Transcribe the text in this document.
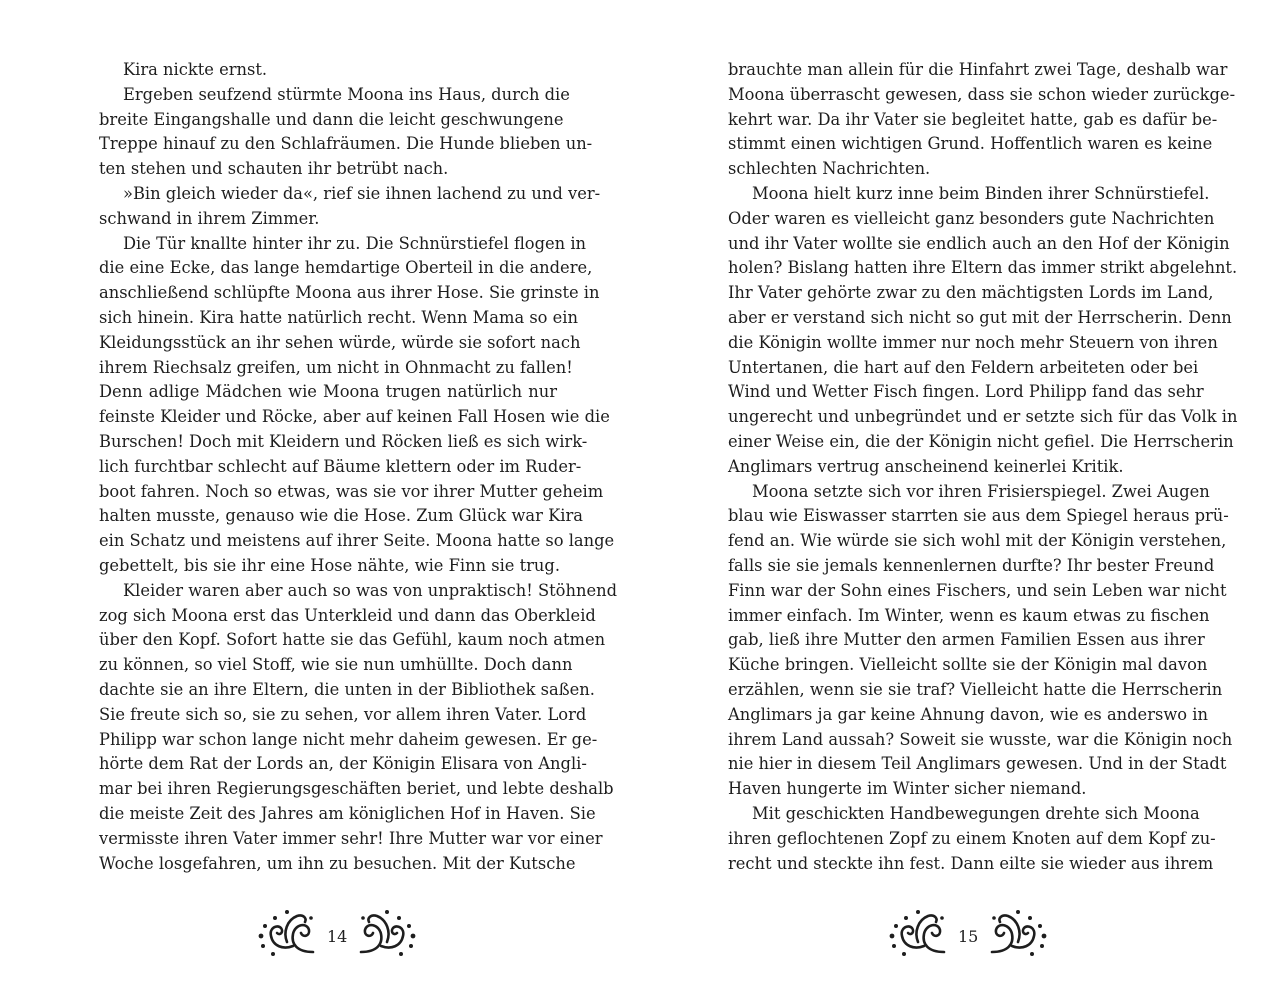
Kira nickte ernst.
Ergeben seufzend stürmte Moona ins Haus, durch die
breite Eingangshalle und dann die leicht geschwungene
Treppe hinauf zu den Schlafräumen. Die Hunde blieben un-
ten stehen und schauten ihr betrübt nach.
»Bin gleich wieder da«, rief sie ihnen lachend zu und ver-
schwand in ihrem Zimmer.
Die Tür knallte hinter ihr zu. Die Schnürstiefel flogen in
die eine Ecke, das lange hemdartige Oberteil in die andere,
anschließend schlüpfte Moona aus ihrer Hose. Sie grinste in
sich hinein. Kira hatte natürlich recht. Wenn Mama so ein
Kleidungsstück an ihr sehen würde, würde sie sofort nach
ihrem Riechsalz greifen, um nicht in Ohnmacht zu fallen!
Denn adlige Mädchen wie Moona trugen natürlich nur
feinste Kleider und Röcke, aber auf keinen Fall Hosen wie die
Burschen! Doch mit Kleidern und Röcken ließ es sich wirk-
lich furchtbar schlecht auf Bäume klettern oder im Ruder-
boot fahren. Noch so etwas, was sie vor ihrer Mutter geheim
halten musste, genauso wie die Hose. Zum Glück war Kira
ein Schatz und meistens auf ihrer Seite. Moona hatte so lange
gebettelt, bis sie ihr eine Hose nähte, wie Finn sie trug.
Kleider waren aber auch so was von unpraktisch! Stöhnend
zog sich Moona erst das Unterkleid und dann das Oberkleid
über den Kopf. Sofort hatte sie das Gefühl, kaum noch atmen
zu können, so viel Stoff, wie sie nun umhüllte. Doch dann
dachte sie an ihre Eltern, die unten in der Bibliothek saßen.
Sie freute sich so, sie zu sehen, vor allem ihren Vater. Lord
Philipp war schon lange nicht mehr daheim gewesen. Er ge-
hörte dem Rat der Lords an, der Königin Elisara von Angli-
mar bei ihren Regierungsgeschäften beriet, und lebte deshalb
die meiste Zeit des Jahres am königlichen Hof in Haven. Sie
vermisste ihren Vater immer sehr! Ihre Mutter war vor einer
Woche losgefahren, um ihn zu besuchen. Mit der Kutsche
brauchte man allein für die Hinfahrt zwei Tage, deshalb war
Moona überrascht gewesen, dass sie schon wieder zurückge-
kehrt war. Da ihr Vater sie begleitet hatte, gab es dafür be-
stimmt einen wichtigen Grund. Hoffentlich waren es keine
schlechten Nachrichten.
Moona hielt kurz inne beim Binden ihrer Schnürstiefel.
Oder waren es vielleicht ganz besonders gute Nachrichten
und ihr Vater wollte sie endlich auch an den Hof der Königin
holen? Bislang hatten ihre Eltern das immer strikt abgelehnt.
Ihr Vater gehörte zwar zu den mächtigsten Lords im Land,
aber er verstand sich nicht so gut mit der Herrscherin. Denn
die Königin wollte immer nur noch mehr Steuern von ihren
Untertanen, die hart auf den Feldern arbeiteten oder bei
Wind und Wetter Fisch fingen. Lord Philipp fand das sehr
ungerecht und unbegründet und er setzte sich für das Volk in
einer Weise ein, die der Königin nicht gefiel. Die Herrscherin
Anglimars vertrug anscheinend keinerlei Kritik.
Moona setzte sich vor ihren Frisierspiegel. Zwei Augen
blau wie Eiswasser starrten sie aus dem Spiegel heraus prü-
fend an. Wie würde sie sich wohl mit der Königin verstehen,
falls sie sie jemals kennenlernen durfte? Ihr bester Freund
Finn war der Sohn eines Fischers, und sein Leben war nicht
immer einfach. Im Winter, wenn es kaum etwas zu fischen
gab, ließ ihre Mutter den armen Familien Essen aus ihrer
Küche bringen. Vielleicht sollte sie der Königin mal davon
erzählen, wenn sie sie traf? Vielleicht hatte die Herrscherin
Anglimars ja gar keine Ahnung davon, wie es anderswo in
ihrem Land aussah? Soweit sie wusste, war die Königin noch
nie hier in diesem Teil Anglimars gewesen. Und in der Stadt
Haven hungerte im Winter sicher niemand.
Mit geschickten Handbewegungen drehte sich Moona
ihren geflochtenen Zopf zu einem Knoten auf dem Kopf zu-
recht und steckte ihn fest. Dann eilte sie wieder aus ihrem
14	15
